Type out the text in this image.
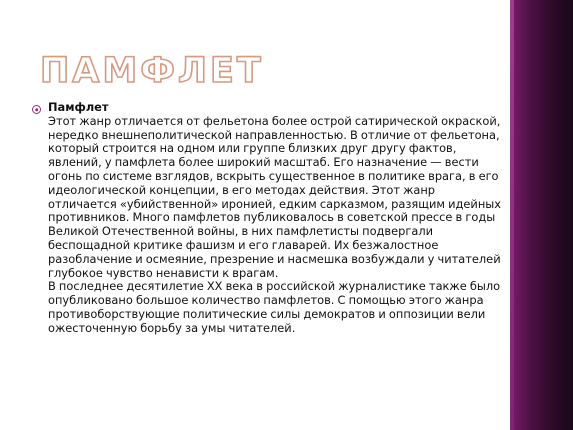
ПАМФЛЕТ
Памфлет
Этот жанр отличается от фельетона более острой сатирической окраской, нередко внешнеполитической направленностью. В отличие от фельетона, который строится на одном или группе близких друг другу фактов, явлений, у памфлета более широкий масштаб. Его назначение — вести огонь по системе взглядов, вскрыть существенное в политике врага, в его идеологической концепции, в его методах действия. Этот жанр отличается «убийственной» иронией, едким сарказмом, разящим идейных противников. Много памфлетов публиковалось в советской прессе в годы Великой Отечественной войны, в них памфлетисты подвергали беспощадной критике фашизм и его главарей. Их безжалостное разоблачение и осмеяние, презрение и насмешка возбуждали у читателей глубокое чувство ненависти к врагам.
В последнее десятилетие XX века в российской журналистике также было опубликовано большое количество памфлетов. С помощью этого жанра противоборствующие политические силы демократов и оппозиции вели ожесточенную борьбу за умы читателей.
